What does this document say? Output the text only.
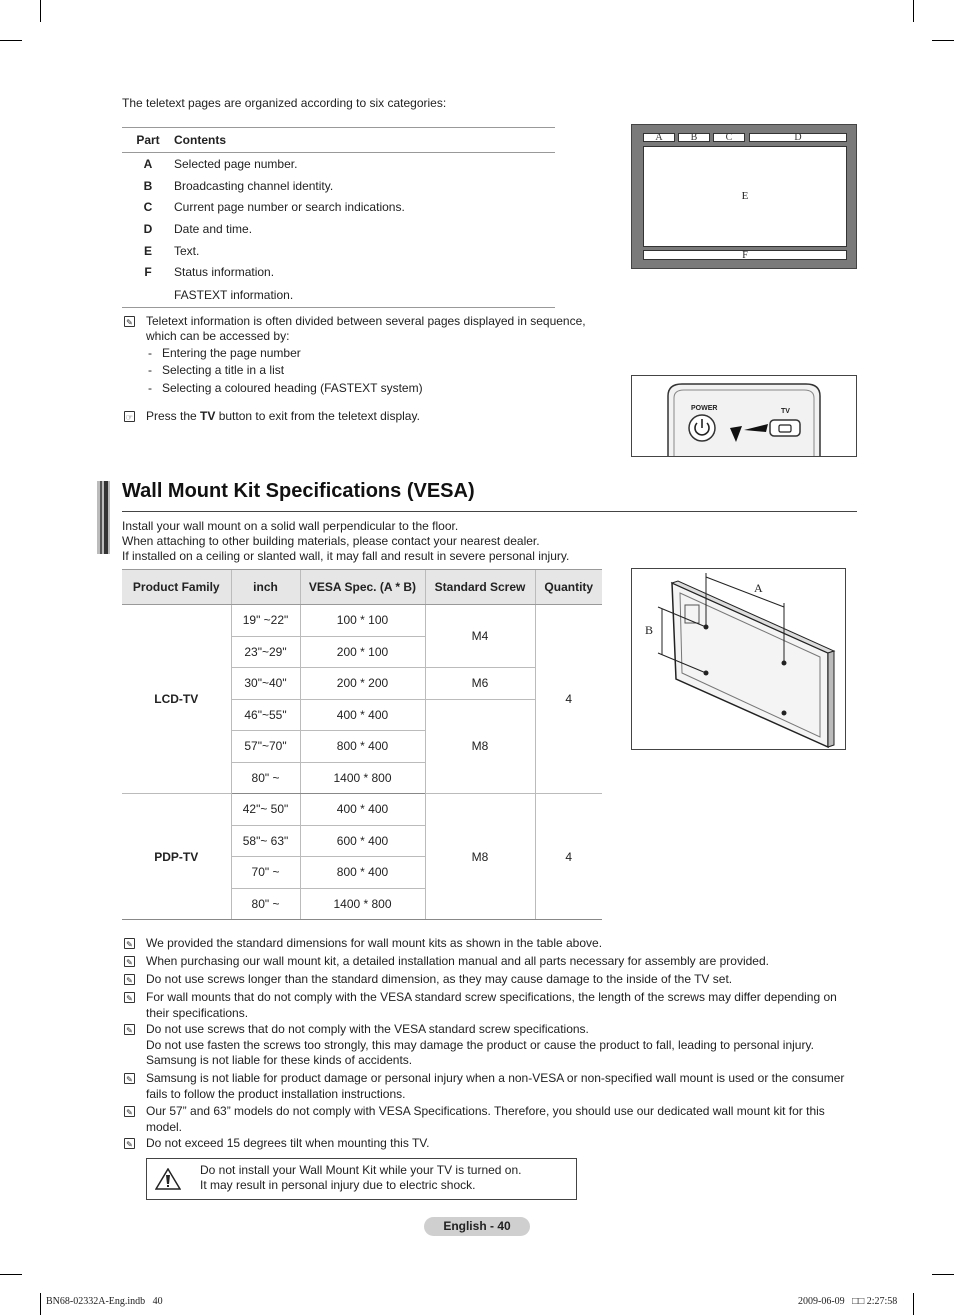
The teletext pages are organized according to six categories:
Part	Contents
A	Selected page number.
B	Broadcasting channel identity.
C	Current page number or search indications.
D	Date and time.
E	Text.
F	Status information.
	FASTEXT information.
A	B	C	D
E
F
✎ Teletext information is often divided between several pages displayed in sequence, which can be accessed by:
-   Entering the page number
-   Selecting a title in a list
-   Selecting a coloured heading (FASTEXT system)
☞ Press the TV button to exit from the teletext display.
POWER	TV
Wall Mount Kit Specifications (VESA)
Install your wall mount on a solid wall perpendicular to the floor.
When attaching to other building materials, please contact your nearest dealer.
If installed on a ceiling or slanted wall, it may fall and result in severe personal injury.
Product Family	inch	VESA Spec. (A * B)	Standard Screw	Quantity
LCD-TV	19" ~22"	100 * 100	M4	4
	23"~29"	200 * 100		
	30"~40"	200 * 200	M6	
	46"~55"	400 * 400	M8	
	57"~70"	800 * 400		
	80" ~	1400 * 800		
PDP-TV	42"~ 50"	400 * 400	M8	4
	58"~ 63"	600 * 400		
	70" ~	800 * 400		
	80" ~	1400 * 800		
A
B
✎ We provided the standard dimensions for wall mount kits as shown in the table above.
✎ When purchasing our wall mount kit, a detailed installation manual and all parts necessary for assembly are provided.
✎ Do not use screws longer than the standard dimension, as they may cause damage to the inside of the TV set.
✎ For wall mounts that do not comply with the VESA standard screw specifications, the length of the screws may differ depending on their specifications.
✎ Do not use screws that do not comply with the VESA standard screw specifications.
Do not use fasten the screws too strongly, this may damage the product or cause the product to fall, leading to personal injury. Samsung is not liable for these kinds of accidents.
✎ Samsung is not liable for product damage or personal injury when a non-VESA or non-specified wall mount is used or the consumer fails to follow the product installation instructions.
✎ Our 57” and 63” models do not comply with VESA Specifications. Therefore, you should use our dedicated wall mount kit for this model.
✎ Do not exceed 15 degrees tilt when mounting this TV.
Do not install your Wall Mount Kit while your TV is turned on.
It may result in personal injury due to electric shock.
English - 40
BN68-02332A-Eng.indb   40	2009-06-09   □□ 2:27:58
